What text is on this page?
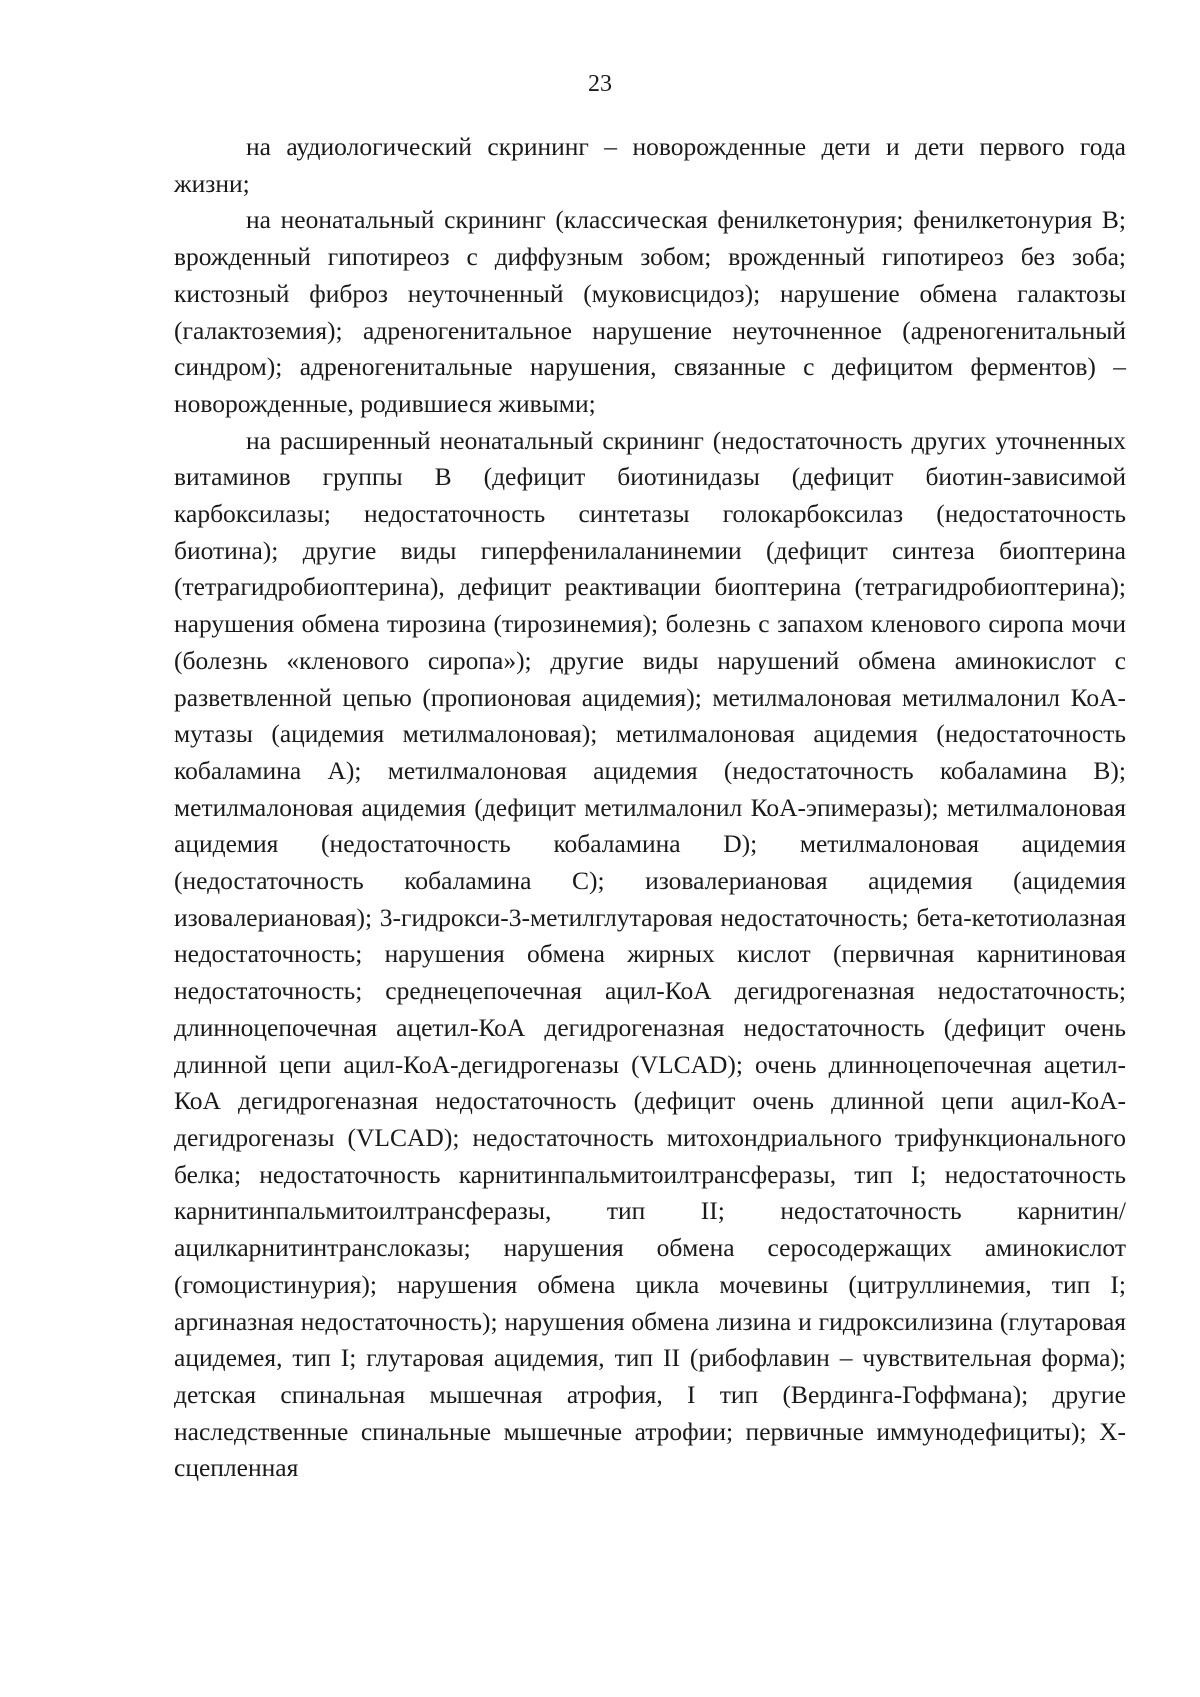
23

на аудиологический скрининг – новорожденные дети и дети первого года жизни;

на неонатальный скрининг (классическая фенилкетонурия; фенилкетонурия В; врожденный гипотиреоз с диффузным зобом; врожденный гипотиреоз без зоба; кистозный фиброз неуточненный (муковисцидоз); нарушение обмена галактозы (галактоземия); адреногенитальное нарушение неуточненное (адреногенитальный синдром); адреногенитальные нарушения, связанные с дефицитом ферментов) – новорожденные, родившиеся живыми;

на расширенный неонатальный скрининг (недостаточность других уточненных витаминов группы В (дефицит биотинидазы (дефицит биотин-зависимой карбоксилазы; недостаточность синтетазы голокарбоксилаз (недостаточность биотина); другие виды гиперфенилаланинемии (дефицит синтеза биоптерина (тетрагидробиоптерина), дефицит реактивации биоптерина (тетрагидробиоптерина); нарушения обмена тирозина (тирозинемия); болезнь с запахом кленового сиропа мочи (болезнь «кленового сиропа»); другие виды нарушений обмена аминокислот с разветвленной цепью (пропионовая ацидемия); метилмалоновая метилмалонил КоА-мутазы (ацидемия метилмалоновая); метилмалоновая ацидемия (недостаточность кобаламина А); метилмалоновая ацидемия (недостаточность кобаламина В); метилмалоновая ацидемия (дефицит метилмалонил КоА-эпимеразы); метилмалоновая ацидемия (недостаточность кобаламина D); метилмалоновая ацидемия (недостаточность кобаламина С); изовалериановая ацидемия (ацидемия изовалериановая); 3-гидрокси-3-метилглутаровая недостаточность; бета-кетотиолазная недостаточность; нарушения обмена жирных кислот (первичная карнитиновая недостаточность; среднецепочечная ацил-КоА дегидрогеназная недостаточность; длинноцепочечная ацетил-КоА дегидрогеназная недостаточность (дефицит очень длинной цепи ацил-КоА-дегидрогеназы (VLCAD); очень длинноцепочечная ацетил-КоА дегидрогеназная недостаточность (дефицит очень длинной цепи ацил-КоА-дегидрогеназы (VLCAD); недостаточность митохондриального трифункционального белка; недостаточность карнитинпальмитоилтрансферазы, тип I; недостаточность карнитинпальмитоилтрансферазы, тип II; недостаточность карнитин/ацилкарнитинтранслоказы; нарушения обмена серосодержащих аминокислот (гомоцистинурия); нарушения обмена цикла мочевины (цитруллинемия, тип I; аргиназная недостаточность); нарушения обмена лизина и гидроксилизина (глутаровая ацидемея, тип I; глутаровая ацидемия, тип II (рибофлавин – чувствительная форма); детская спинальная мышечная атрофия, I тип (Вердинга-Гоффмана); другие наследственные спинальные мышечные атрофии; первичные иммунодефициты); Х-сцепленная
